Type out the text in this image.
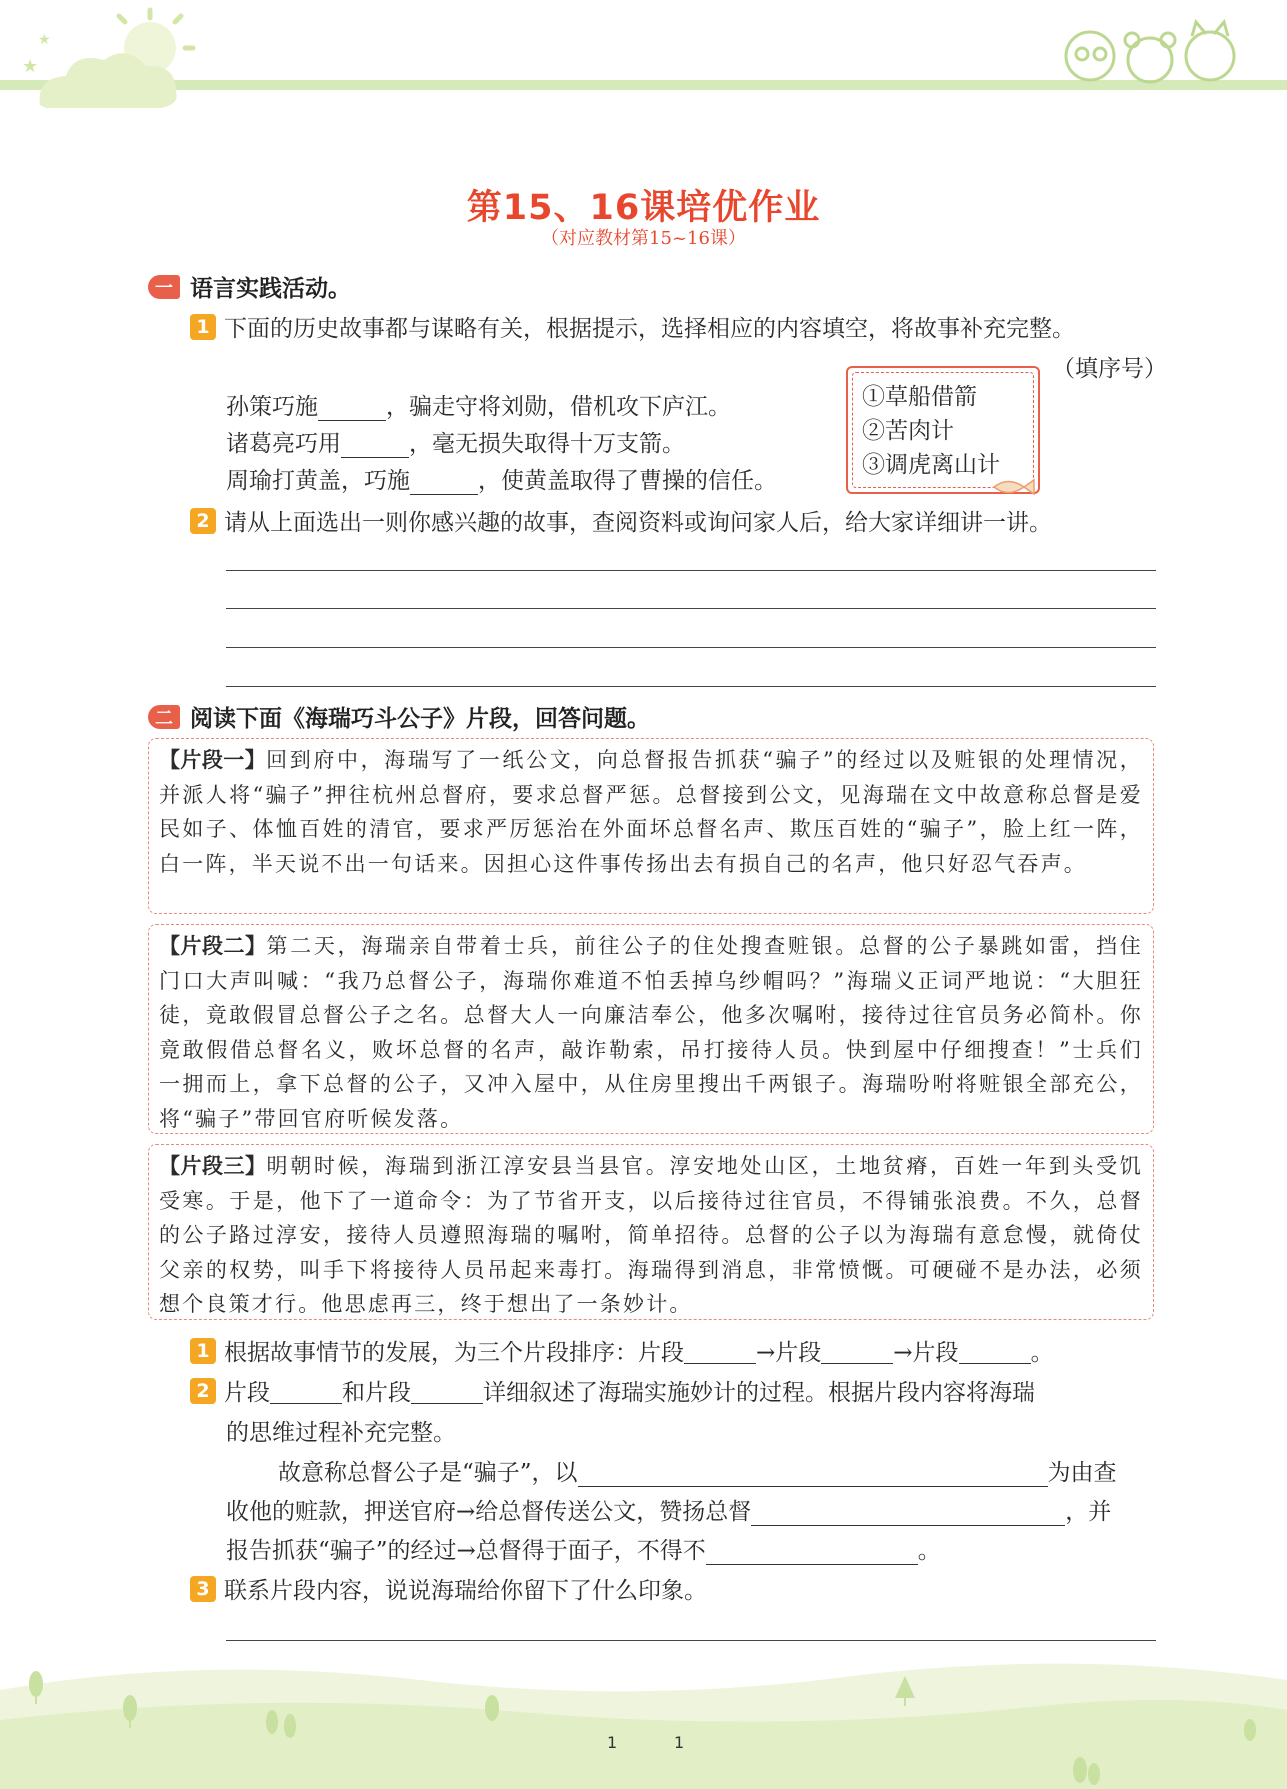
★
★
第15、16课培优作业
（对应教材第15~16课）
一 语言实践活动。
1 下面的历史故事都与谋略有关，根据提示，选择相应的内容填空，将故事补充完整。
（填序号）
孙策巧施	，骗走守将刘勋，借机攻下庐江。
诸葛亮巧用	，毫无损失取得十万支箭。
周瑜打黄盖，巧施	，使黄盖取得了曹操的信任。
①草船借箭
②苦肉计
③调虎离山计
2 请从上面选出一则你感兴趣的故事，查阅资料或询问家人后，给大家详细讲一讲。
二 阅读下面《海瑞巧斗公子》片段，回答问题。
【片段一】回到府中，海瑞写了一纸公文，向总督报告抓获“骗子”的经过以及赃银的处理情况，并派人将“骗子”押往杭州总督府，要求总督严惩。总督接到公文，见海瑞在文中故意称总督是爱民如子、体恤百姓的清官，要求严厉惩治在外面坏总督名声、欺压百姓的“骗子”，脸上红一阵，白一阵，半天说不出一句话来。因担心这件事传扬出去有损自己的名声，他只好忍气吞声。
【片段二】第二天，海瑞亲自带着士兵，前往公子的住处搜查赃银。总督的公子暴跳如雷，挡住门口大声叫喊：“我乃总督公子，海瑞你难道不怕丢掉乌纱帽吗？”海瑞义正词严地说：“大胆狂徒，竟敢假冒总督公子之名。总督大人一向廉洁奉公，他多次嘱咐，接待过往官员务必简朴。你竟敢假借总督名义，败坏总督的名声，敲诈勒索，吊打接待人员。快到屋中仔细搜查！”士兵们一拥而上，拿下总督的公子，又冲入屋中，从住房里搜出千两银子。海瑞吩咐将赃银全部充公，将“骗子”带回官府听候发落。
【片段三】明朝时候，海瑞到浙江淳安县当县官。淳安地处山区，土地贫瘠，百姓一年到头受饥受寒。于是，他下了一道命令：为了节省开支，以后接待过往官员，不得铺张浪费。不久，总督的公子路过淳安，接待人员遵照海瑞的嘱咐，简单招待。总督的公子以为海瑞有意怠慢，就倚仗父亲的权势，叫手下将接待人员吊起来毒打。海瑞得到消息，非常愤慨。可硬碰不是办法，必须想个良策才行。他思虑再三，终于想出了一条妙计。
1 根据故事情节的发展，为三个片段排序：片段	→片段	→片段	。
2 片段	和片段	详细叙述了海瑞实施妙计的过程。根据片段内容将海瑞
的思维过程补充完整。
故意称总督公子是“骗子”，以	为由查
收他的赃款，押送官府→给总督传送公文，赞扬总督	，并
报告抓获“骗子”的经过→总督得于面子，不得不	。
3 联系片段内容，说说海瑞给你留下了什么印象。
1	1
